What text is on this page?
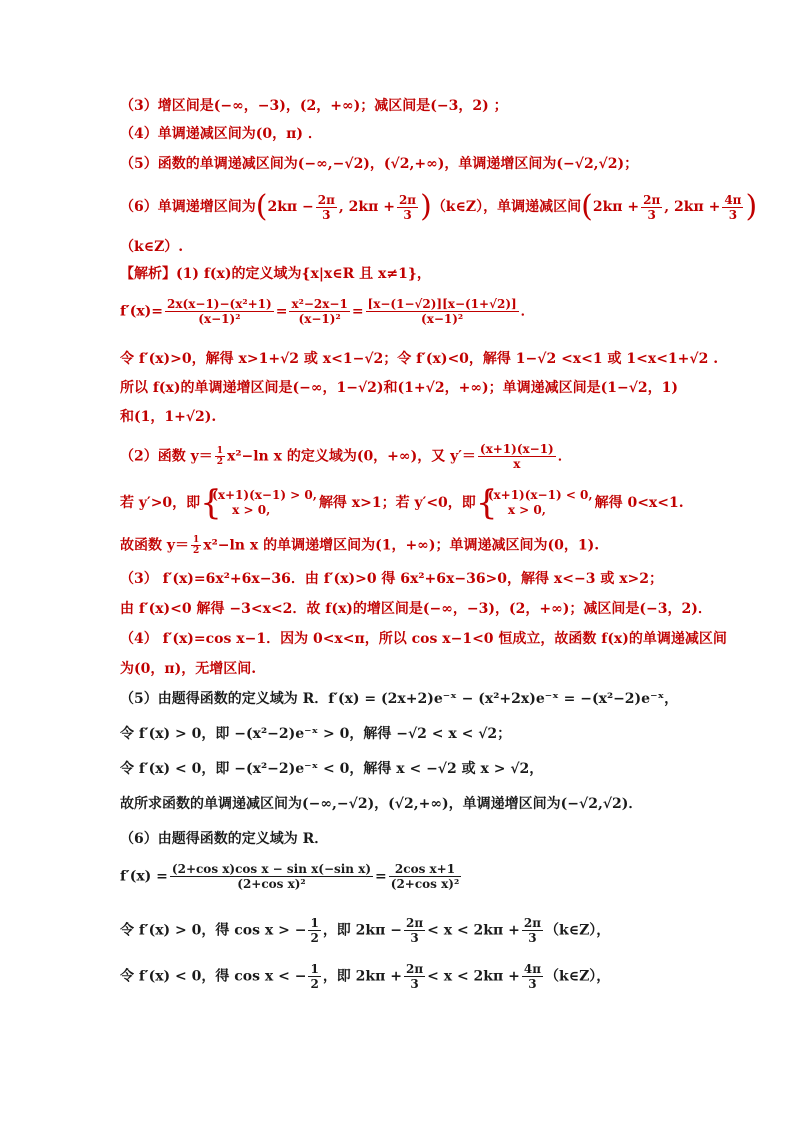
（3）增区间是(−∞，−3)，(2，+∞)；减区间是(−3，2) ；
（4）单调递减区间为(0，π) ．
（5）函数的单调递减区间为(−∞,−√2)，(√2,+∞)，单调递增区间为(−√2,√2)；
（6）单调递增区间为($2k\pi - \frac{2\pi}{3}$ , $2k\pi + \frac{2\pi}{3}$ )（k∈Z），单调递减区间($2k\pi + \frac{2\pi}{3}$ , $2k\pi + \frac{4\pi}{3}$ )
（k∈Z）.
【解析】(1) f(x)的定义域为{x|x∈R 且 x≠1}，
$f'(x)= \frac{\text{2x(x−1)−(x²+1)}}{\text{(x−1)²}} = \frac{\text{x²−2x−1}}{\text{(x−1)²}} = \frac{[x-(1-√2)][x-(1+√2)]}{\text{(x−1)²}}$ ．
令 f′(x)>0，解得 x>1+√2 或 x<1−√2；令 f′(x)<0，解得 1−√2 <x<1 或 1<x<1+√2 .
所以 f(x)的单调递增区间是(−∞，1−√2)和(1+√2，+∞)；单调递减区间是(1−√2，1)
和(1，1+√2).
（2）函数 $y= \frac{1}{2} x^2-\ln$ x 的定义域为(0，+∞)，又 $y'= \frac{(x+1)(x-1)}{x}$ ．
若 y′>0，即 { (x+1)(x−1) > 0,
x > 0,	解得 x>1；若 y′<0，即 { (x+1)(x−1) < 0,
x > 0,	解得 0<x<1.
故函数 $y= \frac{1}{2} x^2-\ln$ x 的单调递增区间为(1，+∞)；单调递减区间为(0，1).
（3） f′(x)=6x²+6x−36．由 f′(x)>0 得 6x²+6x−36>0，解得 x<−3 或 x>2；
由 f′(x)<0 解得 −3<x<2．故 f(x)的增区间是(−∞，−3)，(2，+∞)；减区间是(−3，2)．
（4） f′(x)=cos x−1．因为 0<x<π，所以 cos x−1<0 恒成立，故函数 f(x)的单调递减区间
为(0，π)，无增区间.
（5）由题得函数的定义域为 R．f′(x) = (2x+2)e⁻ˣ − (x²+2x)e⁻ˣ = −(x²−2)e⁻ˣ，
令 f′(x) > 0，即 −(x²−2)e⁻ˣ > 0，解得 −√2 < x < √2；
令 f′(x) < 0，即 −(x²−2)e⁻ˣ < 0，解得 x < −√2 或 x > √2，
故所求函数的单调递减区间为(−∞,−√2)，(√2,+∞)，单调递增区间为(−√2,√2)．
（6）由题得函数的定义域为 R．
$f'(x) = \frac{\text{(2+cos x)cos x − sin x(−sin x)}}{\text{(2+cos x)²}} = \frac{\text{2cos x+1}}{\text{(2+cos x)²}}$
令 f′(x) > 0，得 cos x > − $\frac{1}{2}$ ，即 $2k\pi - \frac{2\pi}{3} < x < 2k\pi + \frac{2\pi}{3}$ （k∈Z），
令 f′(x) < 0，得 cos x < − $\frac{1}{2}$ ，即 $2k\pi + \frac{2\pi}{3} < x < 2k\pi + \frac{4\pi}{3}$ （k∈Z），
